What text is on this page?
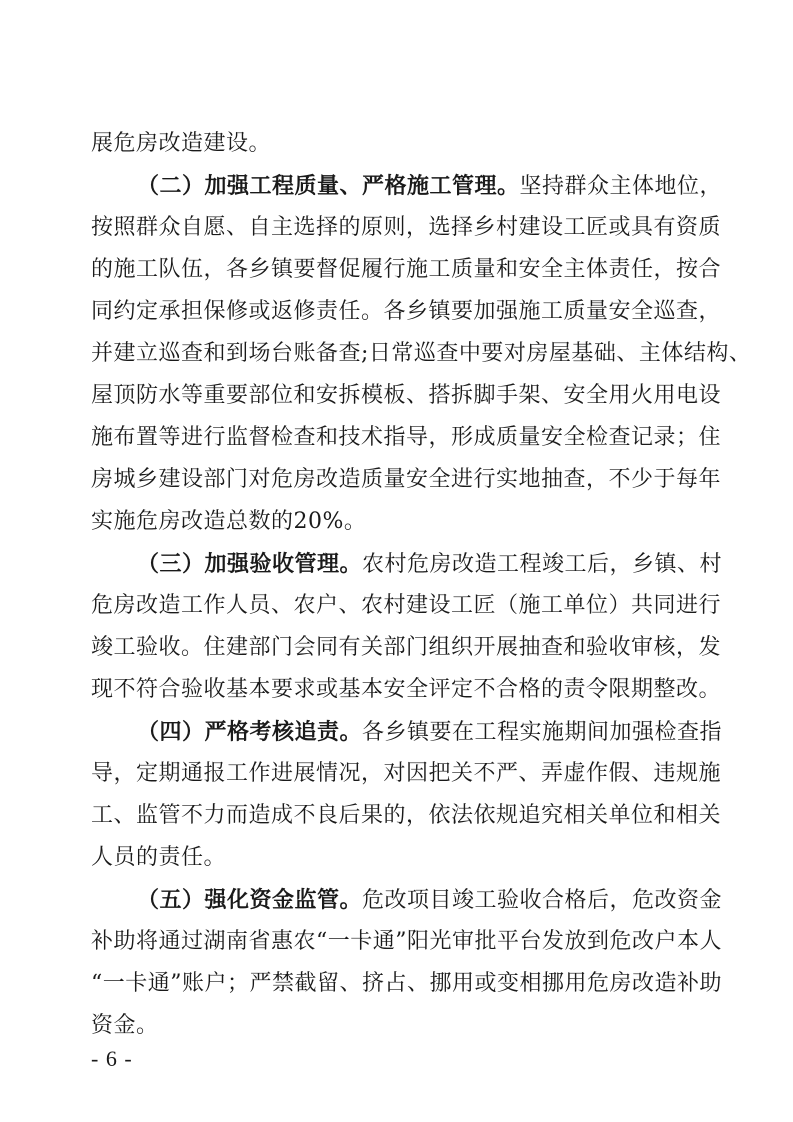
展危房改造建设。
（二）加强工程质量、严格施工管理。坚持群众主体地位，
按照群众自愿、自主选择的原则，选择乡村建设工匠或具有资质
的施工队伍，各乡镇要督促履行施工质量和安全主体责任，按合
同约定承担保修或返修责任。各乡镇要加强施工质量安全巡查，
并建立巡查和到场台账备查;日常巡查中要对房屋基础、主体结构、
屋顶防水等重要部位和安拆模板、搭拆脚手架、安全用火用电设
施布置等进行监督检查和技术指导，形成质量安全检查记录；住
房城乡建设部门对危房改造质量安全进行实地抽查，不少于每年
实施危房改造总数的20%。
（三）加强验收管理。农村危房改造工程竣工后，乡镇、村
危房改造工作人员、农户、农村建设工匠（施工单位）共同进行
竣工验收。住建部门会同有关部门组织开展抽查和验收审核，发
现不符合验收基本要求或基本安全评定不合格的责令限期整改。
（四）严格考核追责。各乡镇要在工程实施期间加强检查指
导，定期通报工作进展情况，对因把关不严、弄虚作假、违规施
工、监管不力而造成不良后果的，依法依规追究相关单位和相关
人员的责任。
（五）强化资金监管。危改项目竣工验收合格后，危改资金
补助将通过湖南省惠农“一卡通”阳光审批平台发放到危改户本人
“一卡通”账户；严禁截留、挤占、挪用或变相挪用危房改造补助
资金。
- 6 -
